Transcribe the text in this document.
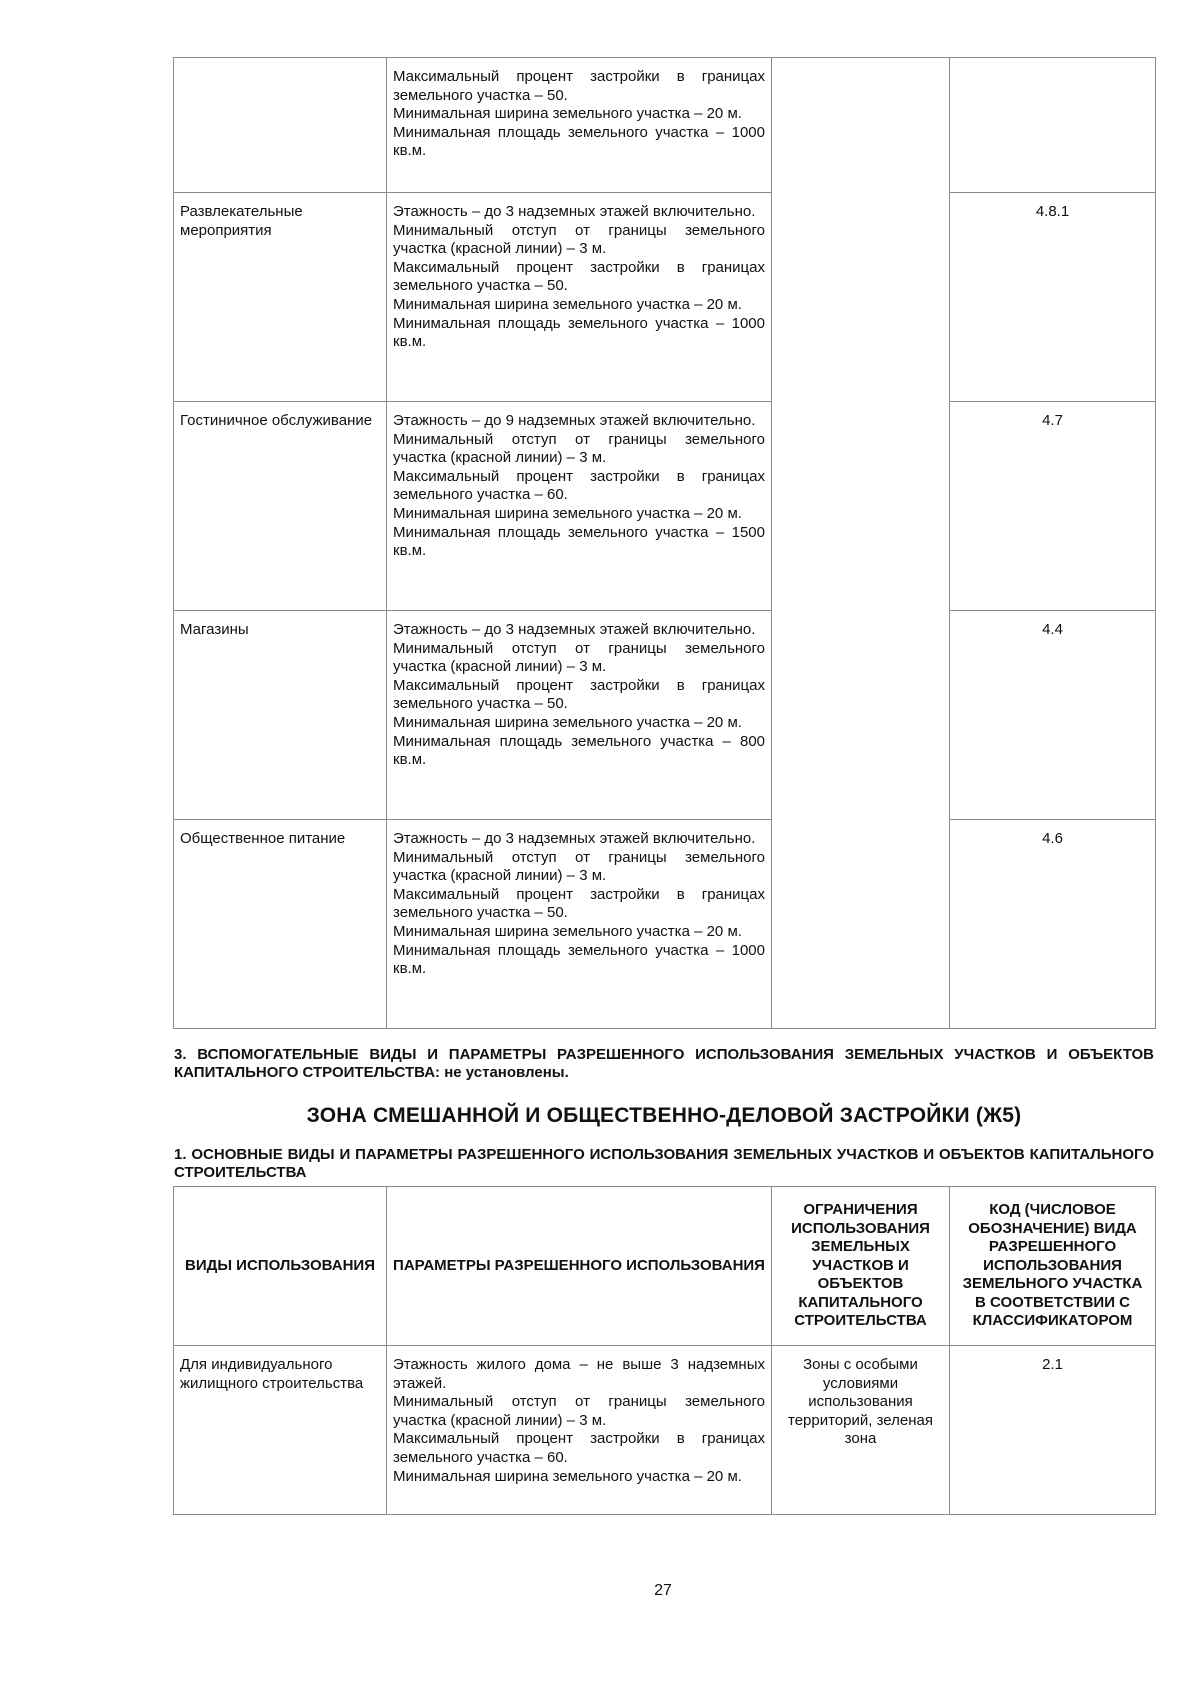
	Максимальный процент застройки в границах земельного участка – 50.
Минимальная ширина земельного участка – 20 м.
Минимальная площадь земельного участка – 1000 кв.м.		

Развлекательные мероприятия	Этажность – до 3 надземных этажей включительно.
Минимальный отступ от границы земельного участка (красной линии) – 3 м.
Максимальный процент застройки в границах земельного участка – 50.
Минимальная ширина земельного участка – 20 м.
Минимальная площадь земельного участка – 1000 кв.м.		4.8.1
Гостиничное обслуживание	Этажность – до 9 надземных этажей включительно.
Минимальный отступ от границы земельного участка (красной линии) – 3 м.
Максимальный процент застройки в границах земельного участка – 60.
Минимальная ширина земельного участка – 20 м.
Минимальная площадь земельного участка – 1500 кв.м.		4.7
Магазины	Этажность – до 3 надземных этажей включительно.
Минимальный отступ от границы земельного участка (красной линии) – 3 м.
Максимальный процент застройки в границах земельного участка – 50.
Минимальная ширина земельного участка – 20 м.
Минимальная площадь земельного участка – 800 кв.м.		4.4
Общественное питание	Этажность – до 3 надземных этажей включительно.
Минимальный отступ от границы земельного участка (красной линии) – 3 м.
Максимальный процент застройки в границах земельного участка – 50.
Минимальная ширина земельного участка – 20 м.
Минимальная площадь земельного участка – 1000 кв.м.		4.6
3. ВСПОМОГАТЕЛЬНЫЕ ВИДЫ И ПАРАМЕТРЫ РАЗРЕШЕННОГО ИСПОЛЬЗОВАНИЯ ЗЕМЕЛЬНЫХ УЧАСТКОВ И ОБЪЕКТОВ КАПИТАЛЬНОГО СТРОИТЕЛЬСТВА: не установлены.
ЗОНА СМЕШАННОЙ И ОБЩЕСТВЕННО-ДЕЛОВОЙ ЗАСТРОЙКИ (Ж5)
1. ОСНОВНЫЕ ВИДЫ И ПАРАМЕТРЫ РАЗРЕШЕННОГО ИСПОЛЬЗОВАНИЯ ЗЕМЕЛЬНЫХ УЧАСТКОВ И ОБЪЕКТОВ КАПИТАЛЬНОГО СТРОИТЕЛЬСТВА
ВИДЫ ИСПОЛЬЗОВАНИЯ	ПАРАМЕТРЫ РАЗРЕШЕННОГО ИСПОЛЬЗОВАНИЯ	ОГРАНИЧЕНИЯ ИСПОЛЬЗОВАНИЯ ЗЕМЕЛЬНЫХ УЧАСТКОВ И ОБЪЕКТОВ КАПИТАЛЬНОГО СТРОИТЕЛЬСТВА	КОД (ЧИСЛОВОЕ ОБОЗНАЧЕНИЕ) ВИДА РАЗРЕШЕННОГО ИСПОЛЬЗОВАНИЯ ЗЕМЕЛЬНОГО УЧАСТКА В СООТВЕТСТВИИ С КЛАССИФИКАТОРОМ
Для индивидуального жилищного строительства	Этажность жилого дома – не выше 3 надземных этажей.
Минимальный отступ от границы земельного участка (красной линии) – 3 м.
Максимальный процент застройки в границах земельного участка – 60.
Минимальная ширина земельного участка – 20 м.	Зоны с особыми условиями использования территорий, зеленая зона	2.1
27
